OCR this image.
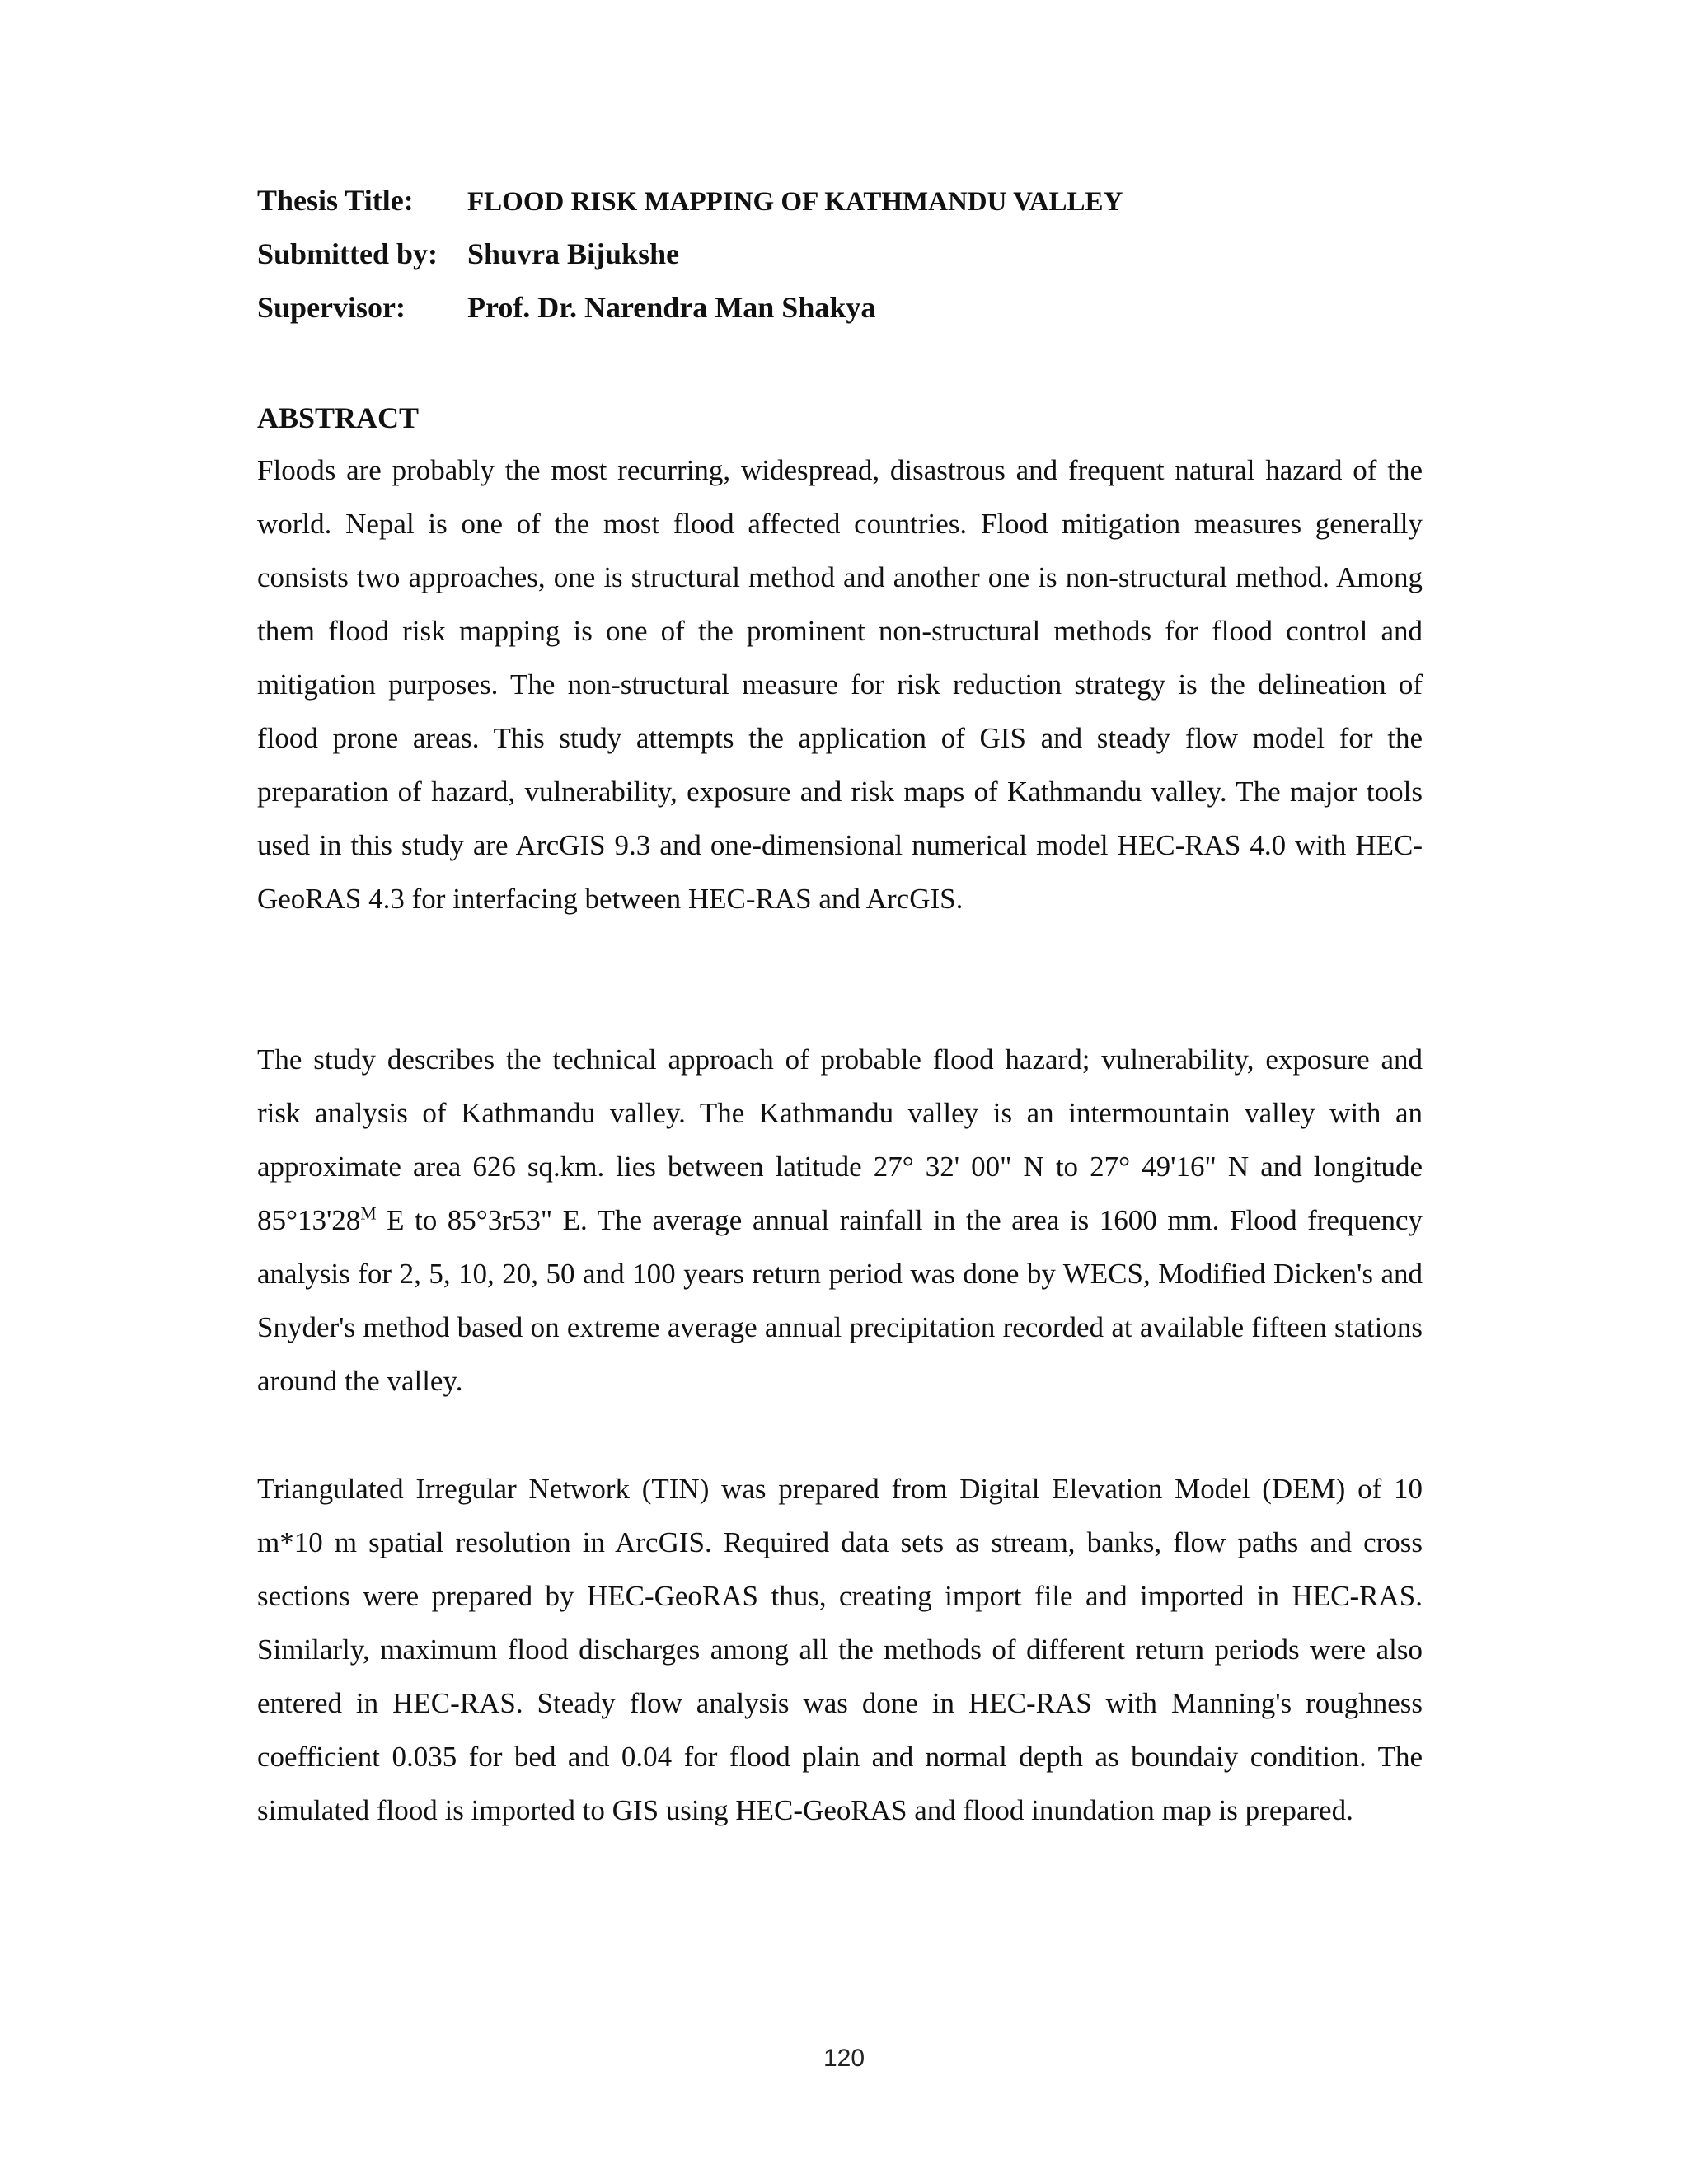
Thesis Title:	FLOOD RISK MAPPING OF KATHMANDU VALLEY
Submitted by: Shuvra Bijukshe
Supervisor:	Prof. Dr. Narendra Man Shakya
ABSTRACT

Floods are probably the most recurring, widespread, disastrous and frequent natural hazard of the world. Nepal is one of the most flood affected countries. Flood mitigation measures generally consists two approaches, one is structural method and another one is non-structural method. Among them flood risk mapping is one of the prominent non-structural methods for flood control and mitigation purposes. The non-structural measure for risk reduction strategy is the delineation of flood prone areas. This study attempts the application of GIS and steady flow model for the preparation of hazard, vulnerability, exposure and risk maps of Kathmandu valley. The major tools used in this study are ArcGIS 9.3 and one-dimensional numerical model HEC-RAS 4.0 with HEC-GeoRAS 4.3 for interfacing between HEC-RAS and ArcGIS.

The study describes the technical approach of probable flood hazard; vulnerability, exposure and risk analysis of Kathmandu valley. The Kathmandu valley is an intermountain valley with an approximate area 626 sq.km. lies between latitude 27° 32' 00" N to 27° 49'16" N and longitude $85^\circ 13'28^M$ E to 85°3r53" E. The average annual rainfall in the area is 1600 mm. Flood frequency analysis for 2, 5, 10, 20, 50 and 100 years return period was done by WECS, Modified Dicken's and Snyder's method based on extreme average annual precipitation recorded at available fifteen stations around the valley.

Triangulated Irregular Network (TIN) was prepared from Digital Elevation Model (DEM) of 10 m*10 m spatial resolution in ArcGIS. Required data sets as stream, banks, flow paths and cross sections were prepared by HEC-GeoRAS thus, creating import file and imported in HEC-RAS. Similarly, maximum flood discharges among all the methods of different return periods were also entered in HEC-RAS. Steady flow analysis was done in HEC-RAS with Manning's roughness coefficient 0.035 for bed and 0.04 for flood plain and normal depth as boundaiy condition. The simulated flood is imported to GIS using HEC-GeoRAS and flood inundation map is prepared.

120
